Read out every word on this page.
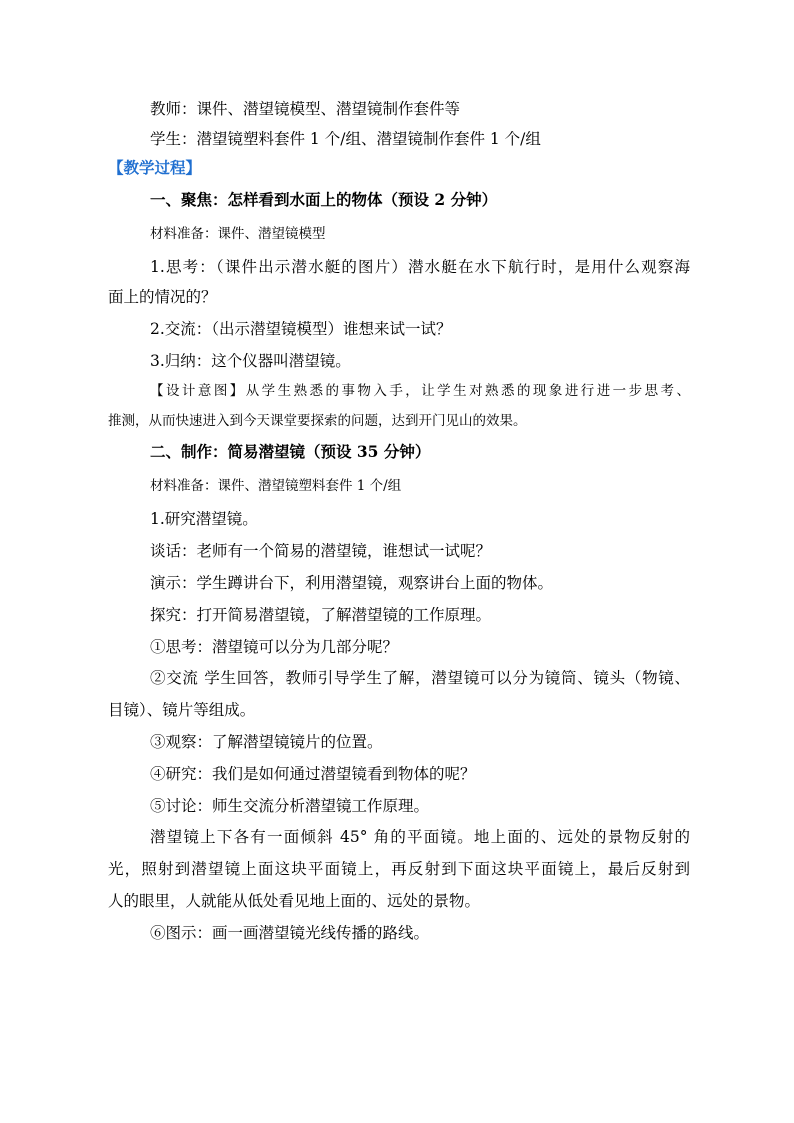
教师：课件、潜望镜模型、潜望镜制作套件等
学生：潜望镜塑料套件 1 个/组、潜望镜制作套件 1 个/组
【教学过程】
一、聚焦：怎样看到水面上的物体（预设 2 分钟）
材料准备：课件、潜望镜模型
1.思考：（课件出示潜水艇的图片）潜水艇在水下航行时，是用什么观察海
面上的情况的？
2.交流：（出示潜望镜模型）谁想来试一试？
3.归纳：这个仪器叫潜望镜。
【设计意图】从学生熟悉的事物入手，让学生对熟悉的现象进行进一步思考、
推测，从而快速进入到今天课堂要探索的问题，达到开门见山的效果。
二、制作：简易潜望镜（预设 35 分钟）
材料准备：课件、潜望镜塑料套件 1 个/组
1.研究潜望镜。
谈话：老师有一个简易的潜望镜，谁想试一试呢？
演示：学生蹲讲台下，利用潜望镜，观察讲台上面的物体。
探究：打开简易潜望镜，了解潜望镜的工作原理。
①思考：潜望镜可以分为几部分呢？
②交流 学生回答，教师引导学生了解，潜望镜可以分为镜筒、镜头（物镜、
目镜）、镜片等组成。
③观察：了解潜望镜镜片的位置。
④研究：我们是如何通过潜望镜看到物体的呢？
⑤讨论：师生交流分析潜望镜工作原理。
潜望镜上下各有一面倾斜 45° 角的平面镜。地上面的、远处的景物反射的
光，照射到潜望镜上面这块平面镜上，再反射到下面这块平面镜上，最后反射到
人的眼里，人就能从低处看见地上面的、远处的景物。
⑥图示：画一画潜望镜光线传播的路线。
